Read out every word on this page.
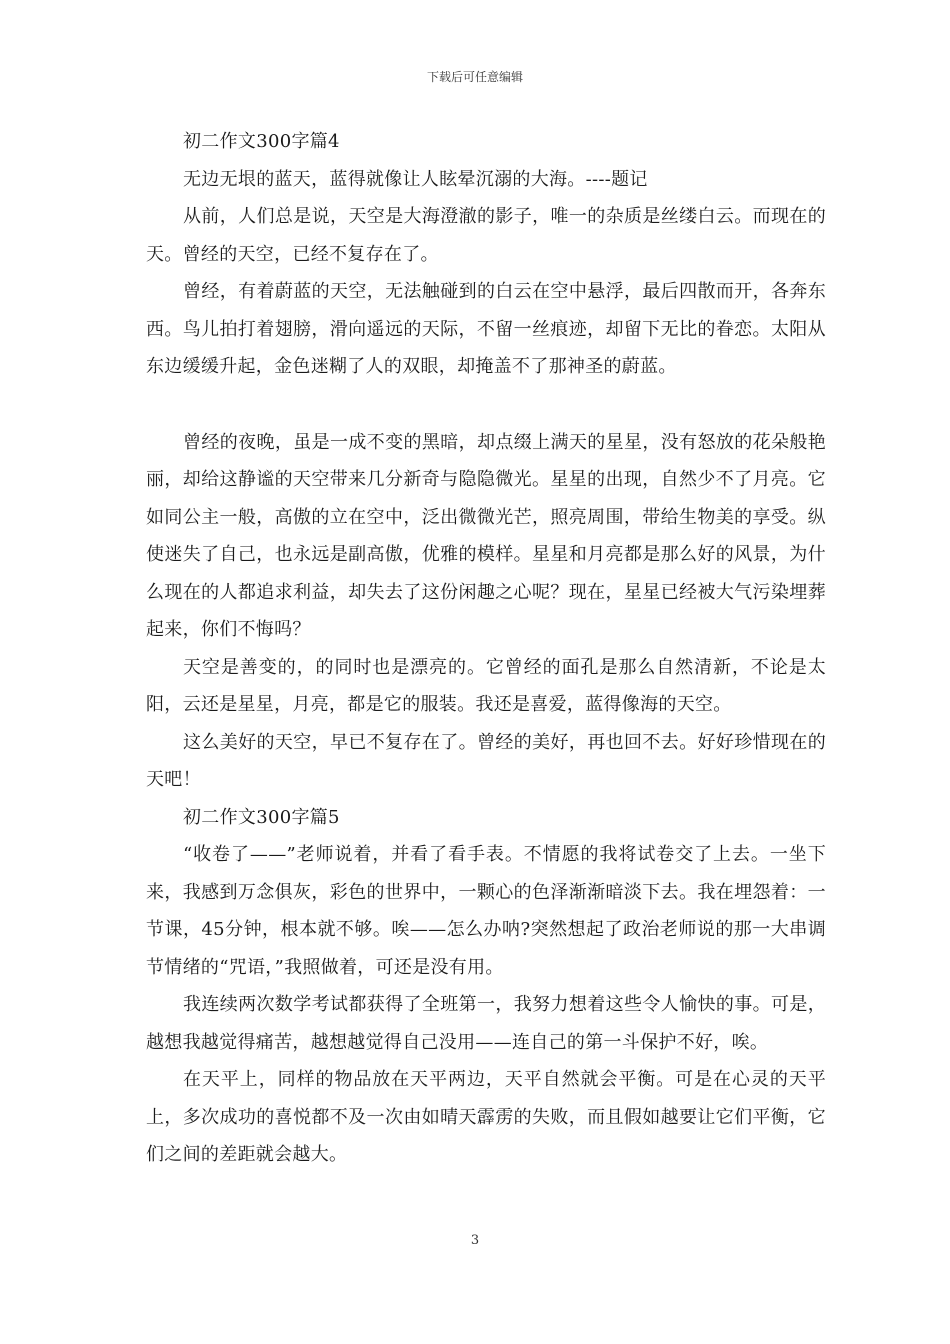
下载后可任意编辑

初二作文300字篇4

无边无垠的蓝天，蓝得就像让人眩晕沉溺的大海。----题记

从前，人们总是说，天空是大海澄澈的影子，唯一的杂质是丝缕白云。而现在的天。曾经的天空，已经不复存在了。

曾经，有着蔚蓝的天空，无法触碰到的白云在空中悬浮，最后四散而开，各奔东西。鸟儿拍打着翅膀，滑向遥远的天际，不留一丝痕迹，却留下无比的眷恋。太阳从东边缓缓升起，金色迷糊了人的双眼，却掩盖不了那神圣的蔚蓝。

曾经的夜晚，虽是一成不变的黑暗，却点缀上满天的星星，没有怒放的花朵般艳丽，却给这静谧的天空带来几分新奇与隐隐微光。星星的出现，自然少不了月亮。它如同公主一般，高傲的立在空中，泛出微微光芒，照亮周围，带给生物美的享受。纵使迷失了自己，也永远是副高傲，优雅的模样。星星和月亮都是那么好的风景，为什么现在的人都追求利益，却失去了这份闲趣之心呢？现在，星星已经被大气污染埋葬起来，你们不悔吗？

天空是善变的，的同时也是漂亮的。它曾经的面孔是那么自然清新，不论是太阳，云还是星星，月亮，都是它的服装。我还是喜爱，蓝得像海的天空。

这么美好的天空，早已不复存在了。曾经的美好，再也回不去。好好珍惜现在的天吧！

初二作文300字篇5

“收卷了——”老师说着，并看了看手表。不情愿的我将试卷交了上去。一坐下来，我感到万念俱灰，彩色的世界中，一颗心的色泽渐渐暗淡下去。我在埋怨着：一节课，45分钟，根本就不够。唉——怎么办呐?突然想起了政治老师说的那一大串调节情绪的“咒语，”我照做着，可还是没有用。

我连续两次数学考试都获得了全班第一，我努力想着这些令人愉快的事。可是，越想我越觉得痛苦，越想越觉得自己没用——连自己的第一斗保护不好，唉。

在天平上，同样的物品放在天平两边，天平自然就会平衡。可是在心灵的天平上，多次成功的喜悦都不及一次由如晴天霹雳的失败，而且假如越要让它们平衡，它们之间的差距就会越大。

3
